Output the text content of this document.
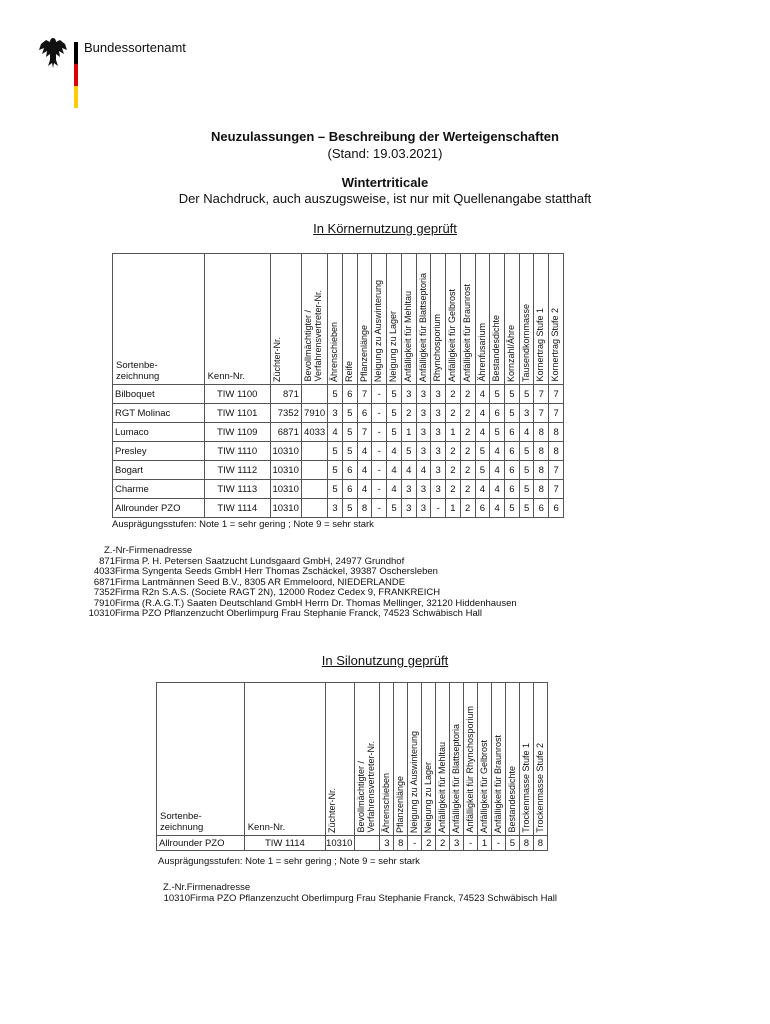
Bundessortenamt
Neuzulassungen – Beschreibung der Werteigenschaften
(Stand: 19.03.2021)
Wintertriticale
Der Nachdruck, auch auszugsweise, ist nur mit Quellenangabe statthaft
In Körnernutzung geprüft
Sortenbe-
zeichnung	Kenn-Nr.	Züchter-Nr.	Bevollmächtigter /
Verfahrensvertreter-Nr.	Ährenschieben	Reife	Pflanzenlänge	Neigung zu Auswinterung	Neigung zu Lager	Anfälligkeit für Mehltau	Anfälligkeit für Blattseptoria	Rhynchosporium	Anfälligkeit für Gelbrost	Anfälligkeit für Braunrost	Ährenfusarium	Bestandesdichte	Kornzahl/Ähre	Tausendkornmasse	Kornertrag Stufe 1	Kornertrag Stufe 2

Bilboquet	TIW 1100	871		5	6	7	-	5	3	3	3	2	2	4	5	5	5	7	7
RGT Molinac	TIW 1101	7352	7910	3	5	6	-	5	2	3	3	2	2	4	6	5	3	7	7
Lumaco	TIW 1109	6871	4033	4	5	7	-	5	1	3	3	1	2	4	5	6	4	8	8
Presley	TIW 1110	10310		5	5	4	-	4	5	3	3	2	2	5	4	6	5	8	8
Bogart	TIW 1112	10310		5	6	4	-	4	4	4	3	2	2	5	4	6	5	8	7
Charme	TIW 1113	10310		5	6	4	-	4	3	3	3	2	2	4	4	6	5	8	7
Allrounder PZO	TIW 1114	10310		3	5	8	-	5	3	3	-	1	2	6	4	5	5	6	6
Ausprägungsstufen: Note 1 = sehr gering ; Note 9 = sehr stark
Z.-Nr-Firmenadresse
871Firma P. H. Petersen Saatzucht Lundsgaard GmbH, 24977 Grundhof
4033Firma Syngenta Seeds GmbH Herr Thomas Zschäckel, 39387 Oschersleben
6871Firma Lantmännen Seed B.V., 8305 AR Emmeloord, NIEDERLANDE
7352Firma R2n S.A.S. (Societe RAGT 2N), 12000 Rodez Cedex 9, FRANKREICH
7910Firma (R.A.G.T.) Saaten Deutschland GmbH Herrn Dr. Thomas Mellinger, 32120 Hiddenhausen
10310Firma PZO Pflanzenzucht Oberlimpurg Frau Stephanie Franck, 74523 Schwäbisch Hall
In Silonutzung geprüft
Sortenbe-
zeichnung	Kenn-Nr.	Züchter-Nr.	Bevollmächtigter /
Verfahrensvertreter-Nr.	Ährenschieben	Pflanzenlänge	Neigung zu Auswinterung	Neigung zu Lager	Anfälligkeit für Mehltau	Anfälligkeit für Blattseptoria	Anfälligkeit für Rhynchosporium	Anfälligkeit für Gelbrost	Anfälligkeit für Braunrost	Bestandesdichte	Trockenmasse Stufe 1	Trockenmasse Stufe 2

Allrounder PZO	TIW 1114	10310		3	8	-	2	2	3	-	1	-	5	8	8
Ausprägungsstufen: Note 1 = sehr gering ; Note 9 = sehr stark
Z.-Nr.Firmenadresse
10310Firma PZO Pflanzenzucht Oberlimpurg Frau Stephanie Franck, 74523 Schwäbisch Hall
